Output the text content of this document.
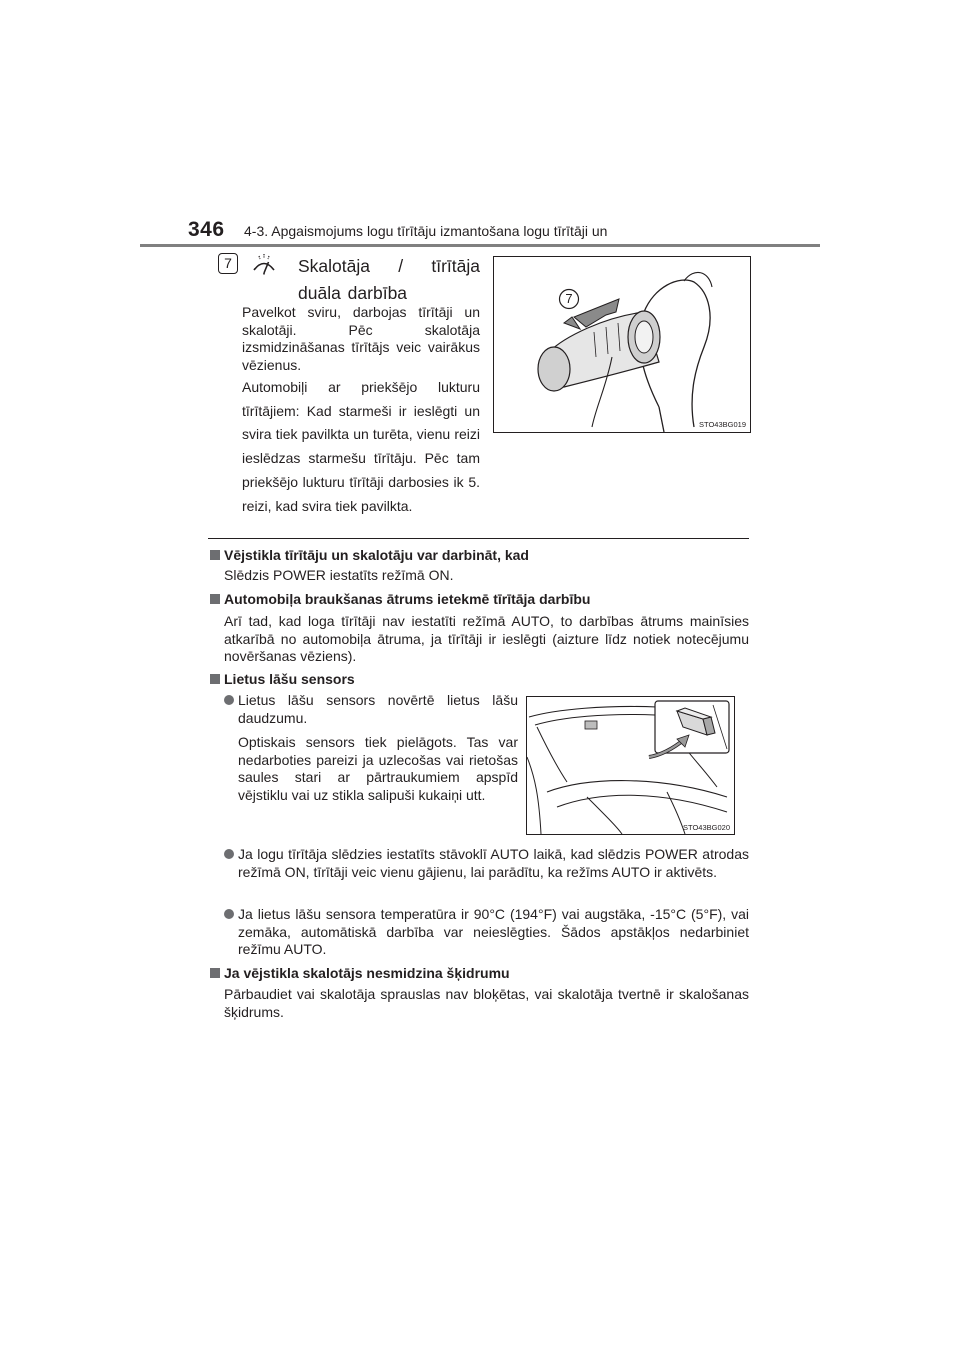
346 4-3. Apgaismojums logu tīrītāju izmantošana logu tīrītāji un
7	Skalotāja / tīrītāja duāla darbība
Pavelkot sviru, darbojas tīrītāji un skalotāji. Pēc skalotāja izsmidzināšanas tīrītājs veic vairākus vēzienus.
Automobiļi ar priekšējo lukturu tīrītājiem: Kad starmeši ir ieslēgti un svira tiek pavilkta un turēta, vienu reizi ieslēdzas starmešu tīrītāju. Pēc tam priekšējo lukturu tīrītāji darbosies ik 5. reizi, kad svira tiek pavilkta.
7
STO43BG019
Vējstikla tīrītāju un skalotāju var darbināt, kad
Slēdzis POWER iestatīts režīmā ON.
Automobiļa braukšanas ātrums ietekmē tīrītāja darbību
Arī tad, kad loga tīrītāji nav iestatīti režīmā AUTO, to darbības ātrums mainīsies atkarībā no automobiļa ātruma, ja tīrītāji ir ieslēgti (aizture līdz notiek notecējumu novēršanas vēziens).
Lietus lāšu sensors
Lietus lāšu sensors novērtē lietus lāšu daudzumu.
Optiskais sensors tiek pielāgots. Tas var nedarboties pareizi ja uzlecošas vai rietošas saules stari ar pārtraukumiem apspīd vējstiklu vai uz stikla salipuši kukaiņi utt.
STO43BG020
Ja logu tīrītāja slēdzies iestatīts stāvoklī AUTO laikā, kad slēdzis POWER atrodas režīmā ON, tīrītāji veic vienu gājienu, lai parādītu, ka režīms AUTO ir aktivēts.
Ja lietus lāšu sensora temperatūra ir 90°C (194°F) vai augstāka, -15°C (5°F), vai zemāka, automātiskā darbība var neieslēgties. Šādos apstākļos nedarbiniet režīmu AUTO.
Ja vējstikla skalotājs nesmidzina šķidrumu
Pārbaudiet vai skalotāja sprauslas nav bloķētas, vai skalotāja tvertnē ir skalošanas šķidrums.
